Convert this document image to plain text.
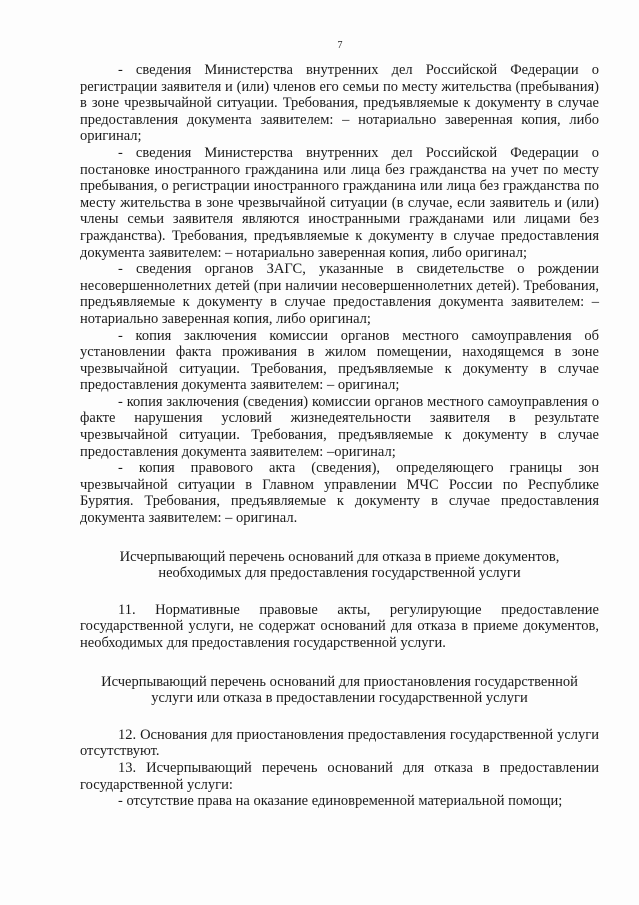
7

- сведения Министерства внутренних дел Российской Федерации о регистрации заявителя и (или) членов его семьи по месту жительства (пребывания) в зоне чрезвычайной ситуации. Требования, предъявляемые к документу в случае предоставления документа заявителем: – нотариально заверенная копия, либо оригинал;

- сведения Министерства внутренних дел Российской Федерации о постановке иностранного гражданина или лица без гражданства на учет по месту пребывания, о регистрации иностранного гражданина или лица без гражданства по месту жительства в зоне чрезвычайной ситуации (в случае, если заявитель и (или) члены семьи заявителя являются иностранными гражданами или лицами без гражданства). Требования, предъявляемые к документу в случае предоставления документа заявителем: – нотариально заверенная копия, либо оригинал;

- сведения органов ЗАГС, указанные в свидетельстве о рождении несовершеннолетних детей (при наличии несовершеннолетних детей). Требования, предъявляемые к документу в случае предоставления документа заявителем: – нотариально заверенная копия, либо оригинал;

- копия заключения комиссии органов местного самоуправления об установлении факта проживания в жилом помещении, находящемся в зоне чрезвычайной ситуации. Требования, предъявляемые к документу в случае предоставления документа заявителем: – оригинал;

- копия заключения (сведения) комиссии органов местного самоуправления о факте нарушения условий жизнедеятельности заявителя в результате чрезвычайной ситуации. Требования, предъявляемые к документу в случае предоставления документа заявителем: –оригинал;

- копия правового акта (сведения), определяющего границы зон чрезвычайной ситуации в Главном управлении МЧС России по Республике Бурятия. Требования, предъявляемые к документу в случае предоставления документа заявителем: – оригинал.

Исчерпывающий перечень оснований для отказа в приеме документов, необходимых для предоставления государственной услуги

11. Нормативные правовые акты, регулирующие предоставление государственной услуги, не содержат оснований для отказа в приеме документов, необходимых для предоставления государственной услуги.

Исчерпывающий перечень оснований для приостановления государственной услуги или отказа в предоставлении государственной услуги

12. Основания для приостановления предоставления государственной услуги отсутствуют.

13. Исчерпывающий перечень оснований для отказа в предоставлении государственной услуги:

- отсутствие права на оказание единовременной материальной помощи;
